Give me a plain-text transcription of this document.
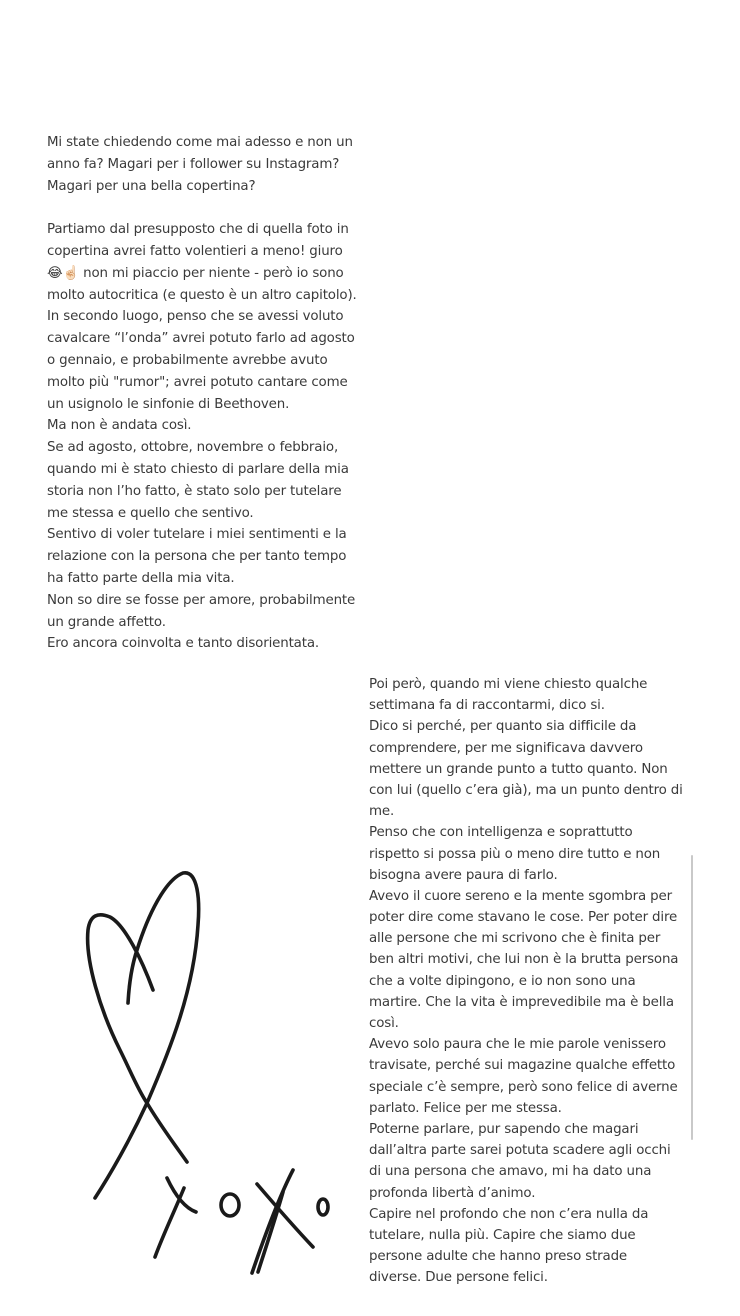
Mi state chiedendo come mai adesso e non un
anno fa? Magari per i follower su Instagram?
Magari per una bella copertina?
Partiamo dal presupposto che di quella foto in
copertina avrei fatto volentieri a meno! giuro
😂☝🏻 non mi piaccio per niente - però io sono
molto autocritica (e questo è un altro capitolo).
In secondo luogo, penso che se avessi voluto
cavalcare “l’onda” avrei potuto farlo ad agosto
o gennaio, e probabilmente avrebbe avuto
molto più "rumor"; avrei potuto cantare come
un usignolo le sinfonie di Beethoven.
Ma non è andata così.
Se ad agosto, ottobre, novembre o febbraio,
quando mi è stato chiesto di parlare della mia
storia non l’ho fatto, è stato solo per tutelare
me stessa e quello che sentivo.
Sentivo di voler tutelare i miei sentimenti e la
relazione con la persona che per tanto tempo
ha fatto parte della mia vita.
Non so dire se fosse per amore, probabilmente
un grande affetto.
Ero ancora coinvolta e tanto disorientata.
Poi però, quando mi viene chiesto qualche
settimana fa di raccontarmi, dico si.
Dico si perché, per quanto sia difficile da
comprendere, per me significava davvero
mettere un grande punto a tutto quanto. Non
con lui (quello c’era già), ma un punto dentro di
me.
Penso che con intelligenza e soprattutto
rispetto si possa più o meno dire tutto e non
bisogna avere paura di farlo.
Avevo il cuore sereno e la mente sgombra per
poter dire come stavano le cose. Per poter dire
alle persone che mi scrivono che è finita per
ben altri motivi, che lui non è la brutta persona
che a volte dipingono, e io non sono una
martire. Che la vita è imprevedibile ma è bella
così.
Avevo solo paura che le mie parole venissero
travisate, perché sui magazine qualche effetto
speciale c’è sempre, però sono felice di averne
parlato. Felice per me stessa.
Poterne parlare, pur sapendo che magari
dall’altra parte sarei potuta scadere agli occhi
di una persona che amavo, mi ha dato una
profonda libertà d’animo.
Capire nel profondo che non c’era nulla da
tutelare, nulla più. Capire che siamo due
persone adulte che hanno preso strade
diverse. Due persone felici.
